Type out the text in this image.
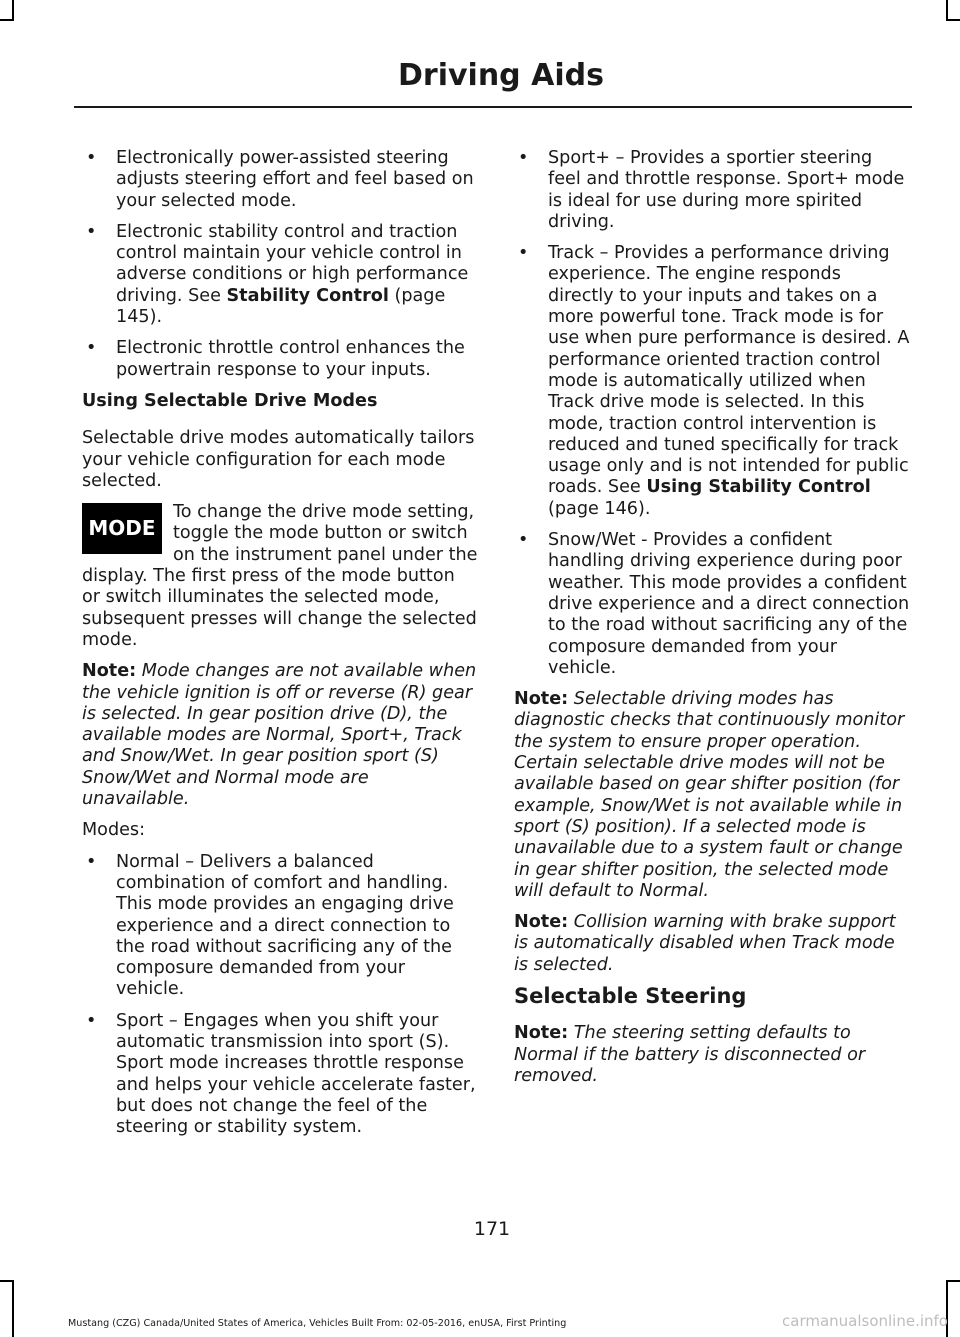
Driving Aids
• Electronically power-assisted steering adjusts steering effort and feel based on your selected mode.
• Electronic stability control and traction control maintain your vehicle control in adverse conditions or high performance driving. See Stability Control (page 145).
• Electronic throttle control enhances the powertrain response to your inputs.
Using Selectable Drive Modes

Selectable drive modes automatically tailors your vehicle configuration for each mode selected.

MODE
To change the drive mode setting, toggle the mode button or switch on the instrument panel under the display. The first press of the mode button or switch illuminates the selected mode, subsequent presses will change the selected mode.

Note: Mode changes are not available when the vehicle ignition is off or reverse (R) gear is selected. In gear position drive (D), the available modes are Normal, Sport+, Track and Snow/Wet. In gear position sport (S) Snow/Wet and Normal mode are unavailable.

Modes:

• Normal – Delivers a balanced combination of comfort and handling. This mode provides an engaging drive experience and a direct connection to the road without sacrificing any of the composure demanded from your vehicle.
• Sport – Engages when you shift your automatic transmission into sport (S). Sport mode increases throttle response and helps your vehicle accelerate faster, but does not change the feel of the steering or stability system.
• Sport+ – Provides a sportier steering feel and throttle response. Sport+ mode is ideal for use during more spirited driving.
• Track – Provides a performance driving experience. The engine responds directly to your inputs and takes on a more powerful tone. Track mode is for use when pure performance is desired. A performance oriented traction control mode is automatically utilized when Track drive mode is selected. In this mode, traction control intervention is reduced and tuned specifically for track usage only and is not intended for public roads. See Using Stability Control (page 146).
• Snow/Wet - Provides a confident handling driving experience during poor weather. This mode provides a confident drive experience and a direct connection to the road without sacrificing any of the composure demanded from your vehicle.

Note: Selectable driving modes has diagnostic checks that continuously monitor the system to ensure proper operation. Certain selectable drive modes will not be available based on gear shifter position (for example, Snow/Wet is not available while in sport (S) position). If a selected mode is unavailable due to a system fault or change in gear shifter position, the selected mode will default to Normal.

Note: Collision warning with brake support is automatically disabled when Track mode is selected.

Selectable Steering

Note: The steering setting defaults to Normal if the battery is disconnected or removed.

171
Mustang (CZG) Canada/United States of America, Vehicles Built From: 02-05-2016, enUSA, First Printing	carmanualsonline.info
